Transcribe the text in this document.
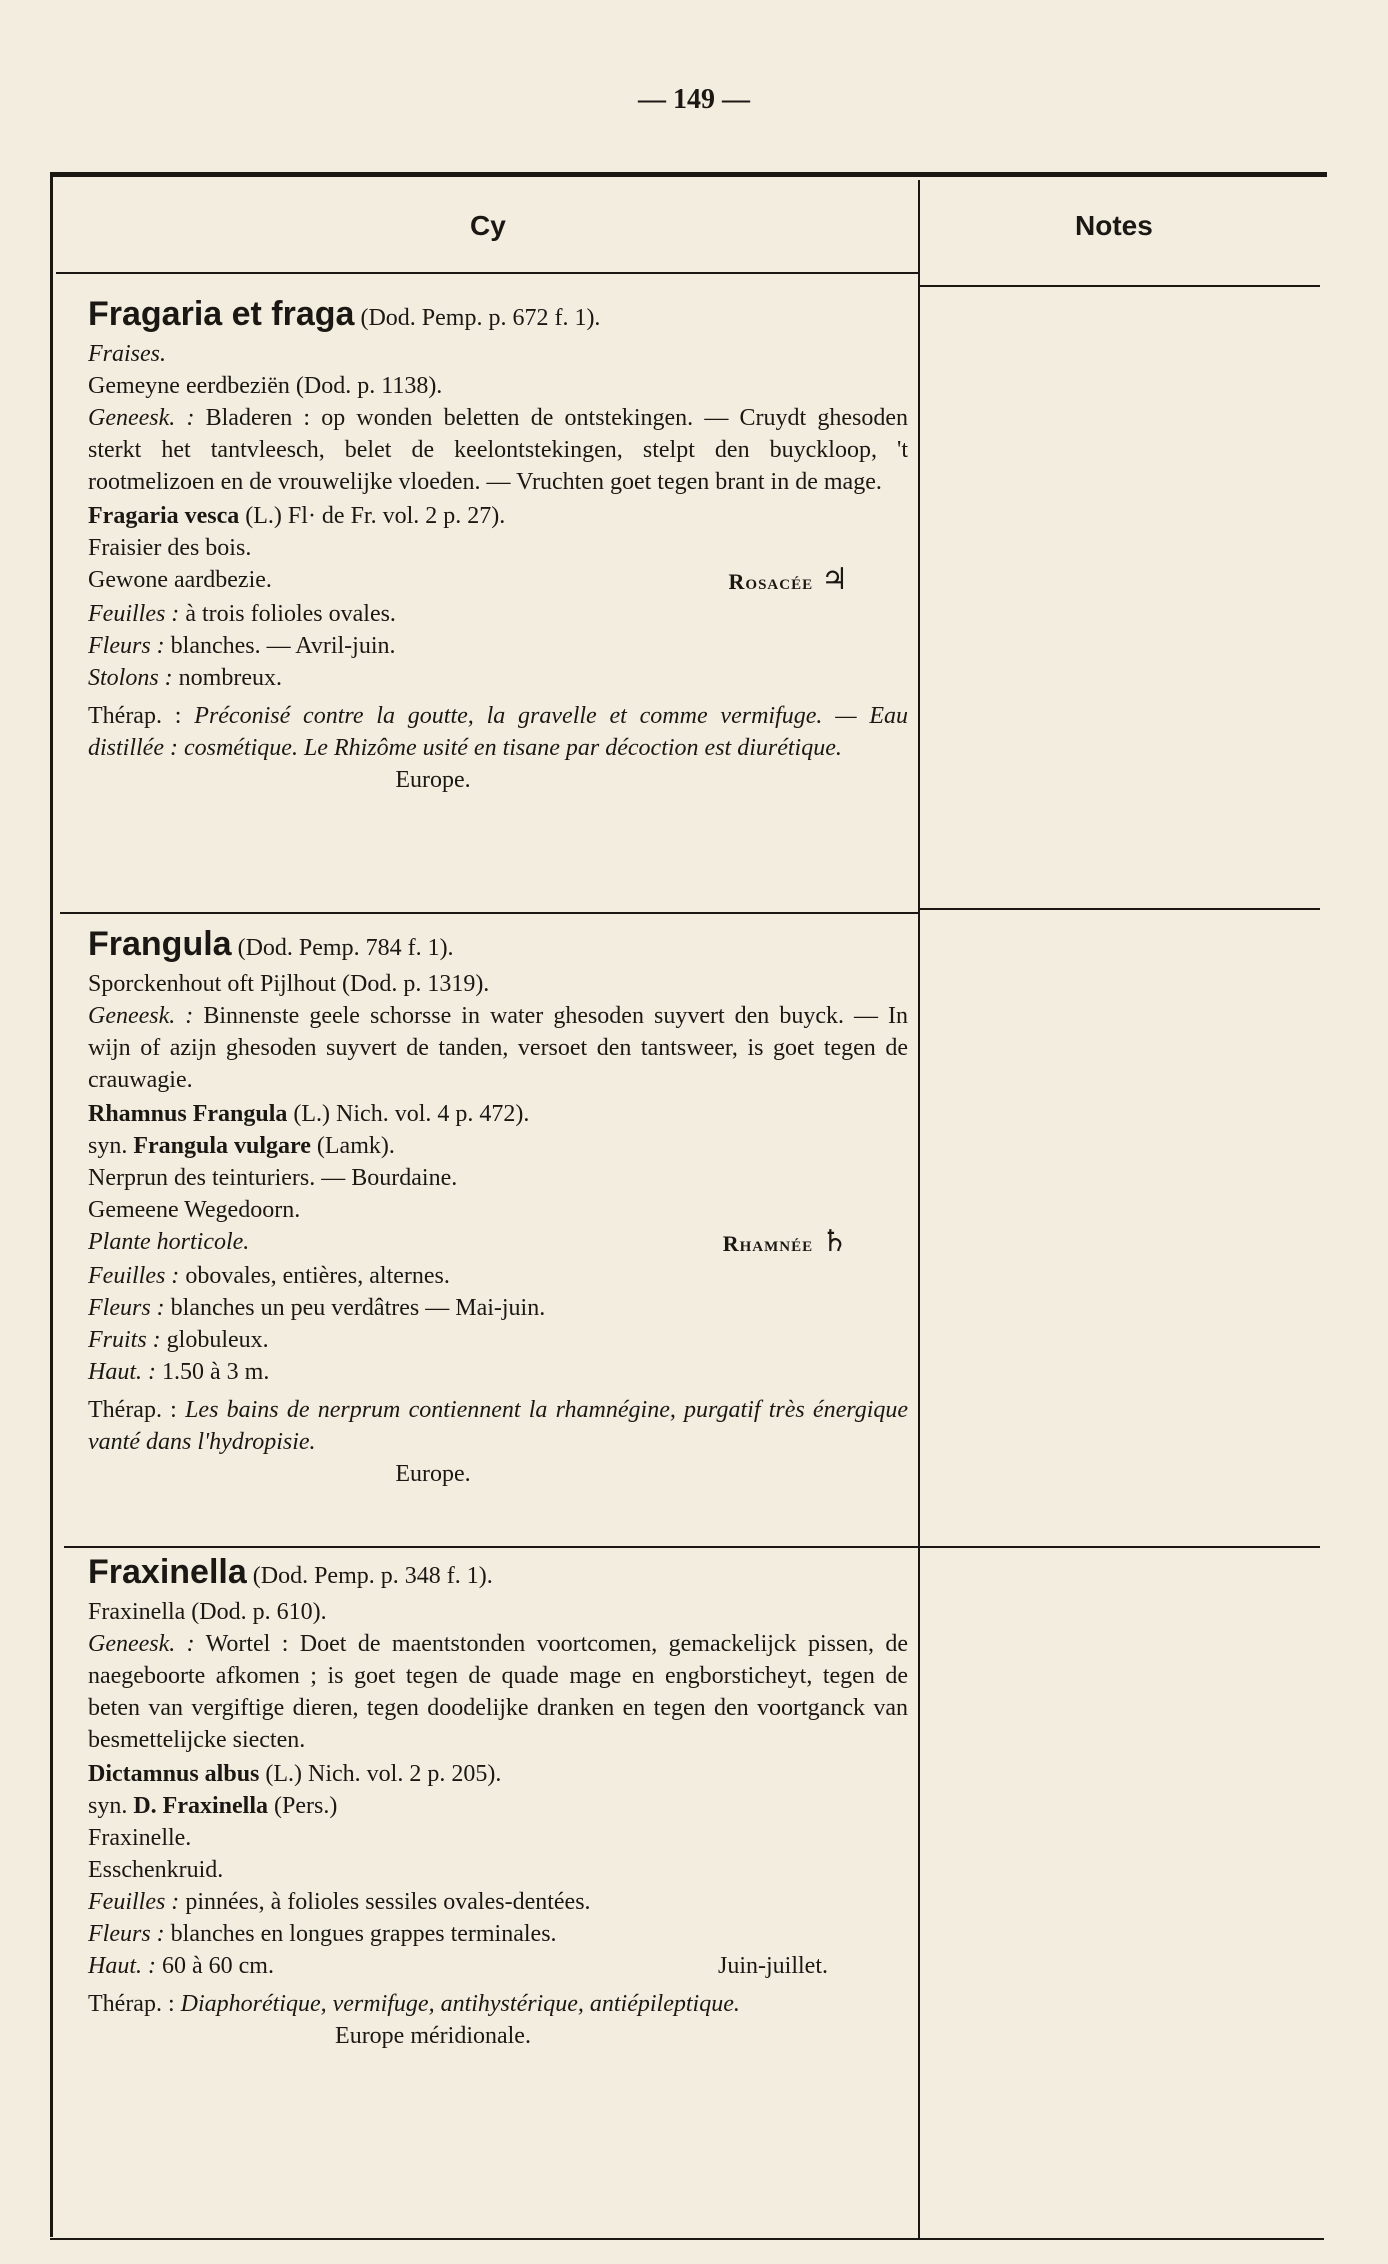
— 149 —
Cy	Notes
Fragaria et fraga (Dod. Pemp. p. 672 f. 1).
Fraises.
Gemeyne eerdbeziën (Dod. p. 1138).

Geneesk. : Bladeren : op wonden beletten de ontstekingen. — Cruydt ghesoden sterkt het tantvleesch, belet de keelontstekingen, stelpt den buyckloop, 't rootmelizoen en de vrouwelijke vloeden. — Vruchten goet tegen brant in de mage.

Fragaria vesca (L.) Fl· de Fr. vol. 2 p. 27).
Fraisier des bois.
Gewone aardbezie.	Rosacée ♃
Feuilles : à trois folioles ovales.
Fleurs : blanches. — Avril-juin.
Stolons : nombreux.

Thérap. : Préconisé contre la goutte, la gravelle et comme vermifuge. — Eau distillée : cosmétique. Le Rhizôme usité en tisane par décoction est diurétique.

Europe.
Frangula (Dod. Pemp. 784 f. 1).
Sporckenhout oft Pijlhout (Dod. p. 1319).

Geneesk. : Binnenste geele schorsse in water ghesoden suyvert den buyck. — In wijn of azijn ghesoden suyvert de tanden, versoet den tantsweer, is goet tegen de crauwagie.

Rhamnus Frangula (L.) Nich. vol. 4 p. 472).
syn. Frangula vulgare (Lamk).
Nerprun des teinturiers. — Bourdaine.
Gemeene Wegedoorn.
Plante horticole.	Rhamnée ♄
Feuilles : obovales, entières, alternes.
Fleurs : blanches un peu verdâtres — Mai-juin.
Fruits : globuleux.
Haut. : 1.50 à 3 m.

Thérap. : Les bains de nerprum contiennent la rhamnégine, purgatif très énergique vanté dans l'hydropisie.

Europe.
Fraxinella (Dod. Pemp. p. 348 f. 1).
Fraxinella (Dod. p. 610).

Geneesk. : Wortel : Doet de maentstonden voortcomen, gemackelijck pissen, de naegeboorte afkomen ; is goet tegen de quade mage en engborsticheyt, tegen de beten van vergiftige dieren, tegen doodelijke dranken en tegen den voortganck van besmettelijcke siecten.

Dictamnus albus (L.) Nich. vol. 2 p. 205).
syn. D. Fraxinella (Pers.)
Fraxinelle.
Esschenkruid.
Feuilles : pinnées, à folioles sessiles ovales-dentées.
Fleurs : blanches en longues grappes terminales.
Haut. : 60 à 60 cm.	Juin-juillet.

Thérap. : Diaphorétique, vermifuge, antihystérique, antiépileptique.

Europe méridionale.
